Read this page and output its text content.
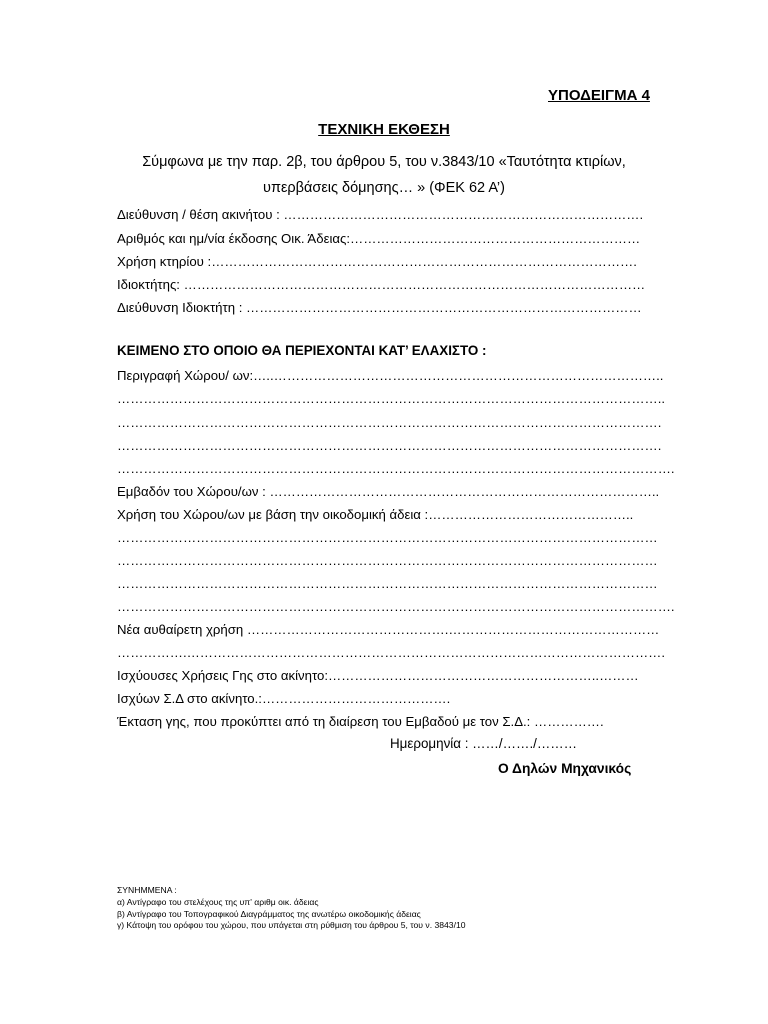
ΥΠΟΔΕΙΓΜΑ 4
ΤΕΧΝΙΚΗ ΕΚΘΕΣΗ
Σύμφωνα με την παρ. 2β, του άρθρου 5, του ν.3843/10 «Ταυτότητα κτιρίων,
υπερβάσεις δόμησης… » (ΦΕΚ 62 Α’)
Διεύθυνση / θέση ακινήτου : ……………………………………………………………………….
Αριθμός και ημ/νία έκδοσης Οικ. Άδειας:…………………………………………………………
Χρήση κτηρίου :…………………………………………………………………………………….
Ιδιοκτήτης: ……………………………………………………………………………………………
Διεύθυνση Ιδιοκτήτη : ………………………………………………………………………………
ΚΕΙΜΕΝΟ ΣΤΟ ΟΠΟΙΟ ΘΑ ΠΕΡΙΕΧΟΝΤΑΙ ΚΑΤ’ ΕΛΑΧΙΣΤΟ :
Περιγραφή Χώρου/ ων:…..……………………………………………………………………………..
……………………………………………………………………………………………………………..
…………………………………………………………………………………………………………….
…………………………………………………………………………………………………………….
……………………………………………………………………………………………………………….
Εμβαδόν του Χώρου/ων : ……………………………………………………………………………..
Χρήση του Χώρου/ων με βάση την οικοδομική άδεια :………………………………………..
……………………………………………………………………………………………………………
……………………………………………………………………………………………………………
……………………………………………………………………………………………………………
……………………………………………………………………………………………………………….
Νέα αυθαίρετη χρήση ……………………………………….…………………………………………
…………….……………………………………………………………………………………………….
Ισχύουσες Χρήσεις Γης στο ακίνητο:……………………………………………………..………
Ισχύων Σ.Δ στο ακίνητο.:…………………………………….
Έκταση γης, που προκύπτει από τη διαίρεση του Εμβαδού με τον Σ.Δ.: …………….
Ημερομηνία : ……/……./………
Ο Δηλών Μηχανικός
ΣΥΝΗΜΜΕΝΑ :
α) Αντίγραφο του στελέχους της υπ' αριθμ οικ. άδειας
β) Αντίγραφο του Τοπογραφικού Διαγράμματος της ανωτέρω οικοδομικής άδειας
γ) Κάτοψη του ορόφου του χώρου, που υπάγεται στη ρύθμιση του άρθρου 5, του ν. 3843/10
